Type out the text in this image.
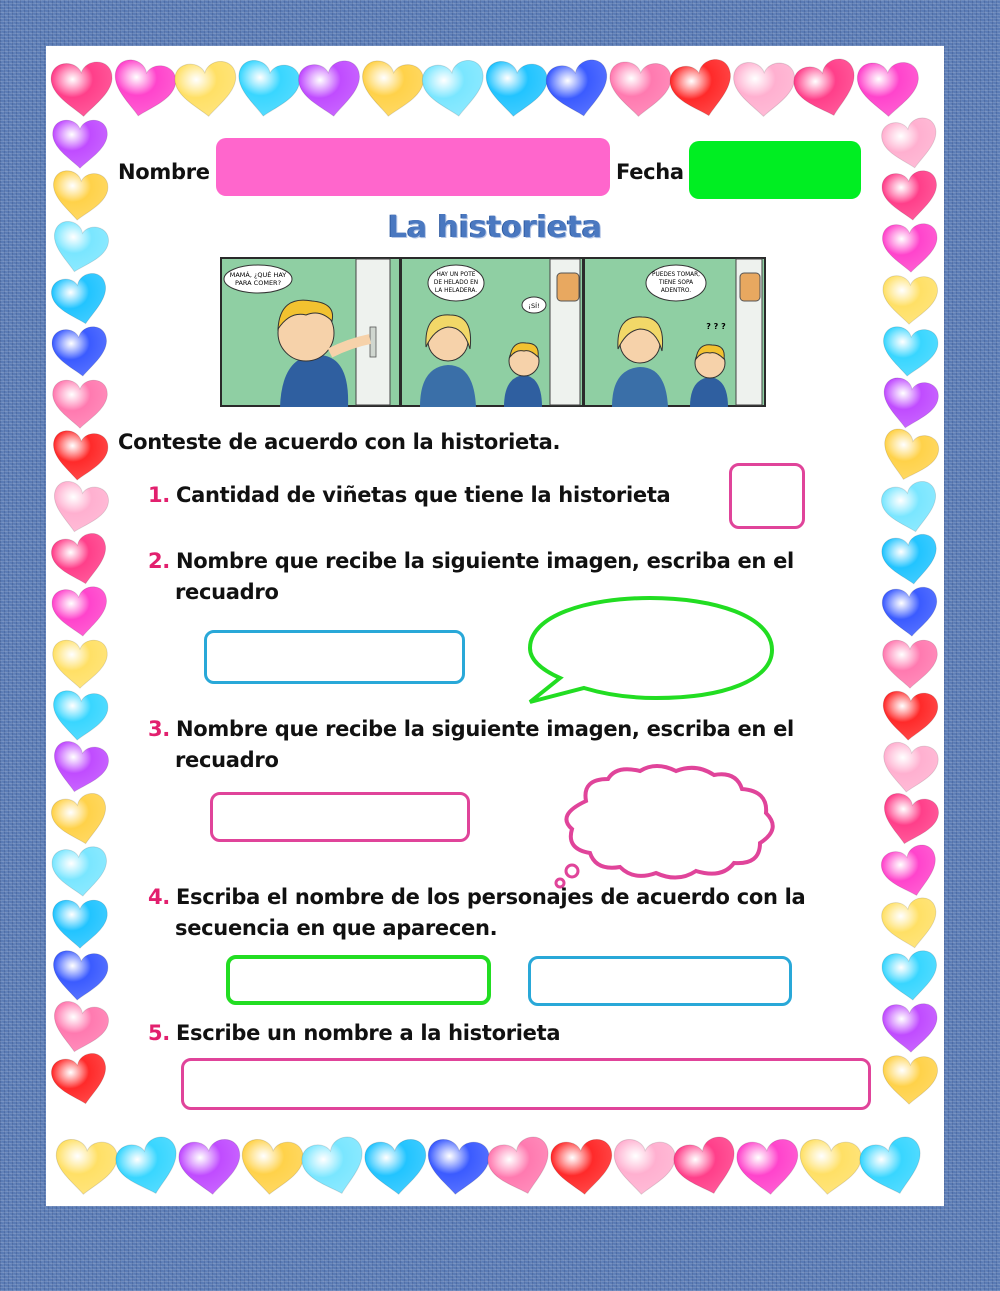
Nombre	Fecha
La historieta
MAMÁ, ¿QUÉ HAY
PARA COMER?
HAY UN POTE
DE HELADO EN
LA HELADERA.
¡SÍ!
PUEDES TOMAR,
TIENE SOPA
ADENTRO.
? ? ?
Conteste de acuerdo con la historieta.
1. Cantidad de viñetas que tiene la historieta
2. Nombre que recibe la siguiente imagen, escriba en el recuadro
3. Nombre que recibe la siguiente imagen, escriba en el recuadro
4. Escriba el nombre de los personajes de acuerdo con la secuencia en que aparecen.
5. Escribe un nombre a la historieta
